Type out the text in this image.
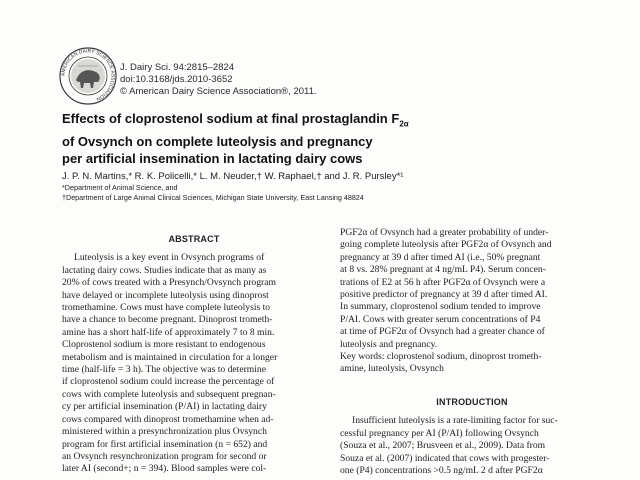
AMERICAN DAIRY SCIENCE ASSOCIATION
J. Dairy Sci. 94:2815–2824
doi:10.3168/jds.2010-3652
© American Dairy Science Association®, 2011.
Effects of cloprostenol sodium at final prostaglandin $F_{2\alpha}$
of Ovsynch on complete luteolysis and pregnancy
per artificial insemination in lactating dairy cows
J. P. N. Martins,* R. K. Policelli,* L. M. Neuder,† W. Raphael,† and J. R. Pursley*¹
*Department of Animal Science, and
†Department of Large Animal Clinical Sciences, Michigan State University, East Lansing 48824
ABSTRACT
Luteolysis is a key event in Ovsynch programs of
lactating dairy cows. Studies indicate that as many as
20% of cows treated with a Presynch/Ovsynch program
have delayed or incomplete luteolysis using dinoprost
tromethamine. Cows must have complete luteolysis to
have a chance to become pregnant. Dinoprost trometh-
amine has a short half-life of approximately 7 to 8 min.
Cloprostenol sodium is more resistant to endogenous
metabolism and is maintained in circulation for a longer
time (half-life = 3 h). The objective was to determine
if cloprostenol sodium could increase the percentage of
cows with complete luteolysis and subsequent pregnan-
cy per artificial insemination (P/AI) in lactating dairy
cows compared with dinoprost tromethamine when ad-
ministered within a presynchronization plus Ovsynch
program for first artificial insemination (n = 652) and
an Ovsynch resynchronization program for second or
later AI (second+; n = 394). Blood samples were col-
PGF2α of Ovsynch had a greater probability of under-
going complete luteolysis after PGF2α of Ovsynch and
pregnancy at 39 d after timed AI (i.e., 50% pregnant
at 8 vs. 28% pregnant at 4 ng/mL P4). Serum concen-
trations of E2 at 56 h after PGF2α of Ovsynch were a
positive predictor of pregnancy at 39 d after timed AI.
In summary, cloprostenol sodium tended to improve
P/AI. Cows with greater serum concentrations of P4
at time of PGF2α of Ovsynch had a greater chance of
luteolysis and pregnancy.

Key words: cloprostenol sodium, dinoprost trometh-
amine, luteolysis, Ovsynch

INTRODUCTION
Insufficient luteolysis is a rate-limiting factor for suc-
cessful pregnancy per AI (P/AI) following Ovsynch
(Souza et al., 2007; Brusveen et al., 2009). Data from
Souza et al. (2007) indicated that cows with progester-
one (P4) concentrations >0.5 ng/mL 2 d after PGF2α
